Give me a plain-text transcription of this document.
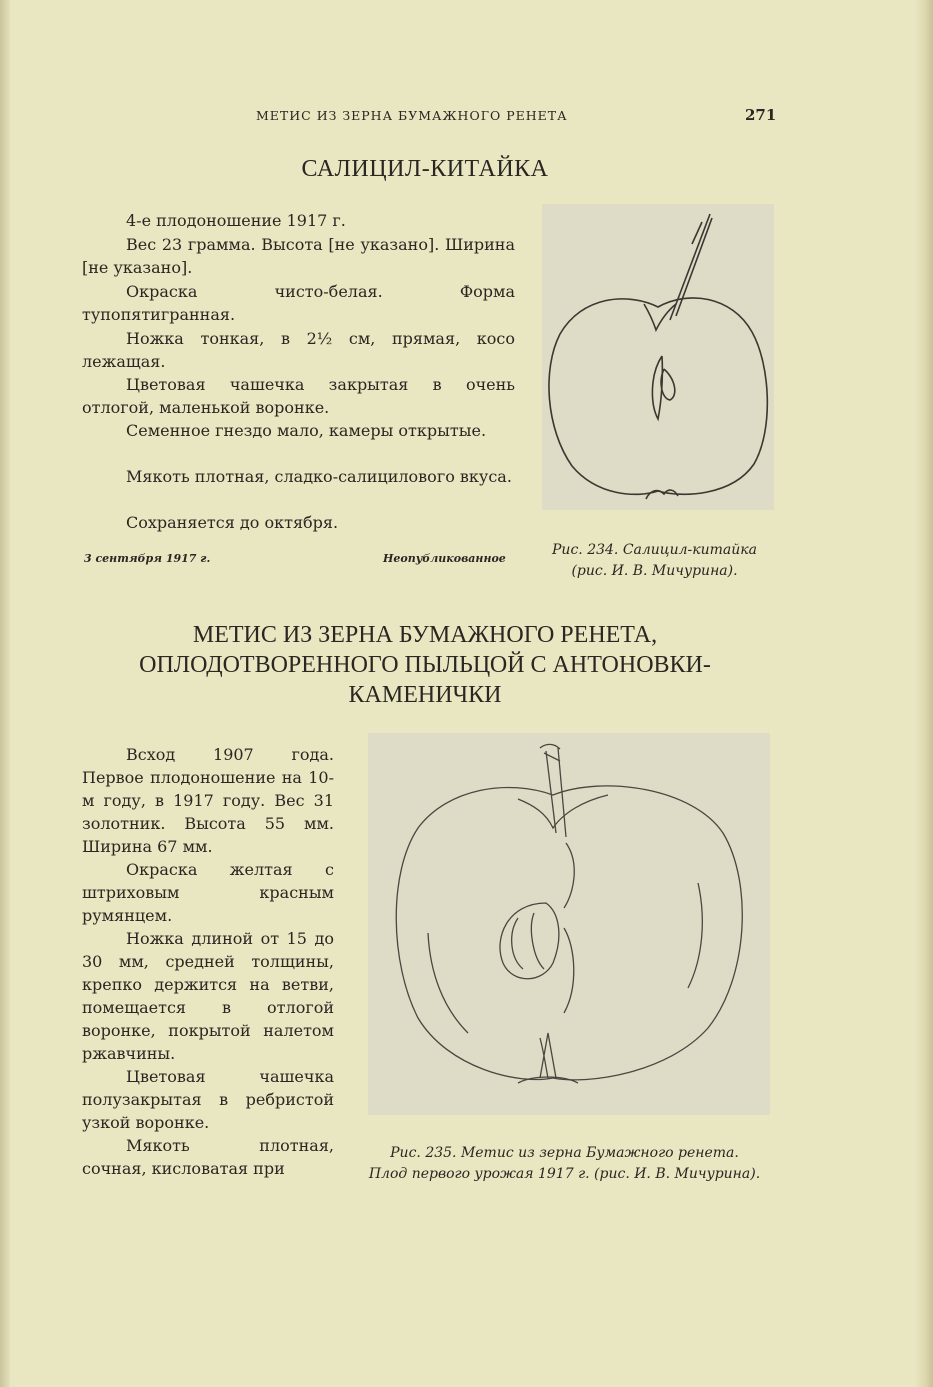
МЕТИС ИЗ ЗЕРНА БУМАЖНОГО РЕНЕТА	271
САЛИЦИЛ-КИТАЙКА
4-е плодоношение 1917 г.
Вес 23 грамма. Высота [не указано]. Ширина [не указано].
Окраска чисто-белая. Форма тупопятигранная.
Ножка тонкая, в 2½ см, прямая, косо лежащая.
Цветовая чашечка закрытая в очень отлогой, маленькой воронке.
Семенное гнездо мало, камеры открытые.
Мякоть плотная, сладко-салицилового вкуса.
Сохраняется до октября.
3 сентября 1917 г.	Неопубликованное
Рис. 234. Салицил-китайка
(рис. И. В. Мичурина).
МЕТИС ИЗ ЗЕРНА БУМАЖНОГО РЕНЕТА,
ОПЛОДОТВОРЕННОГО ПЫЛЬЦОЙ С АНТОНОВКИ-
КАМЕНИЧКИ
Всход 1907 года. Первое плодоношение на 10-м году, в 1917 году. Вес 31 золотник. Высота 55 мм. Ширина 67 мм.
Окраска желтая с штриховым красным румянцем.
Ножка длиной от 15 до 30 мм, средней толщины, крепко держится на ветви, помещается в отлогой воронке, покрытой налетом ржавчины.
Цветовая чашечка полузакрытая в ребристой узкой воронке.
Мякоть плотная, сочная, кисловатая при
Рис. 235. Метис из зерна Бумажного ренета.
Плод первого урожая 1917 г. (рис. И. В. Мичурина).
